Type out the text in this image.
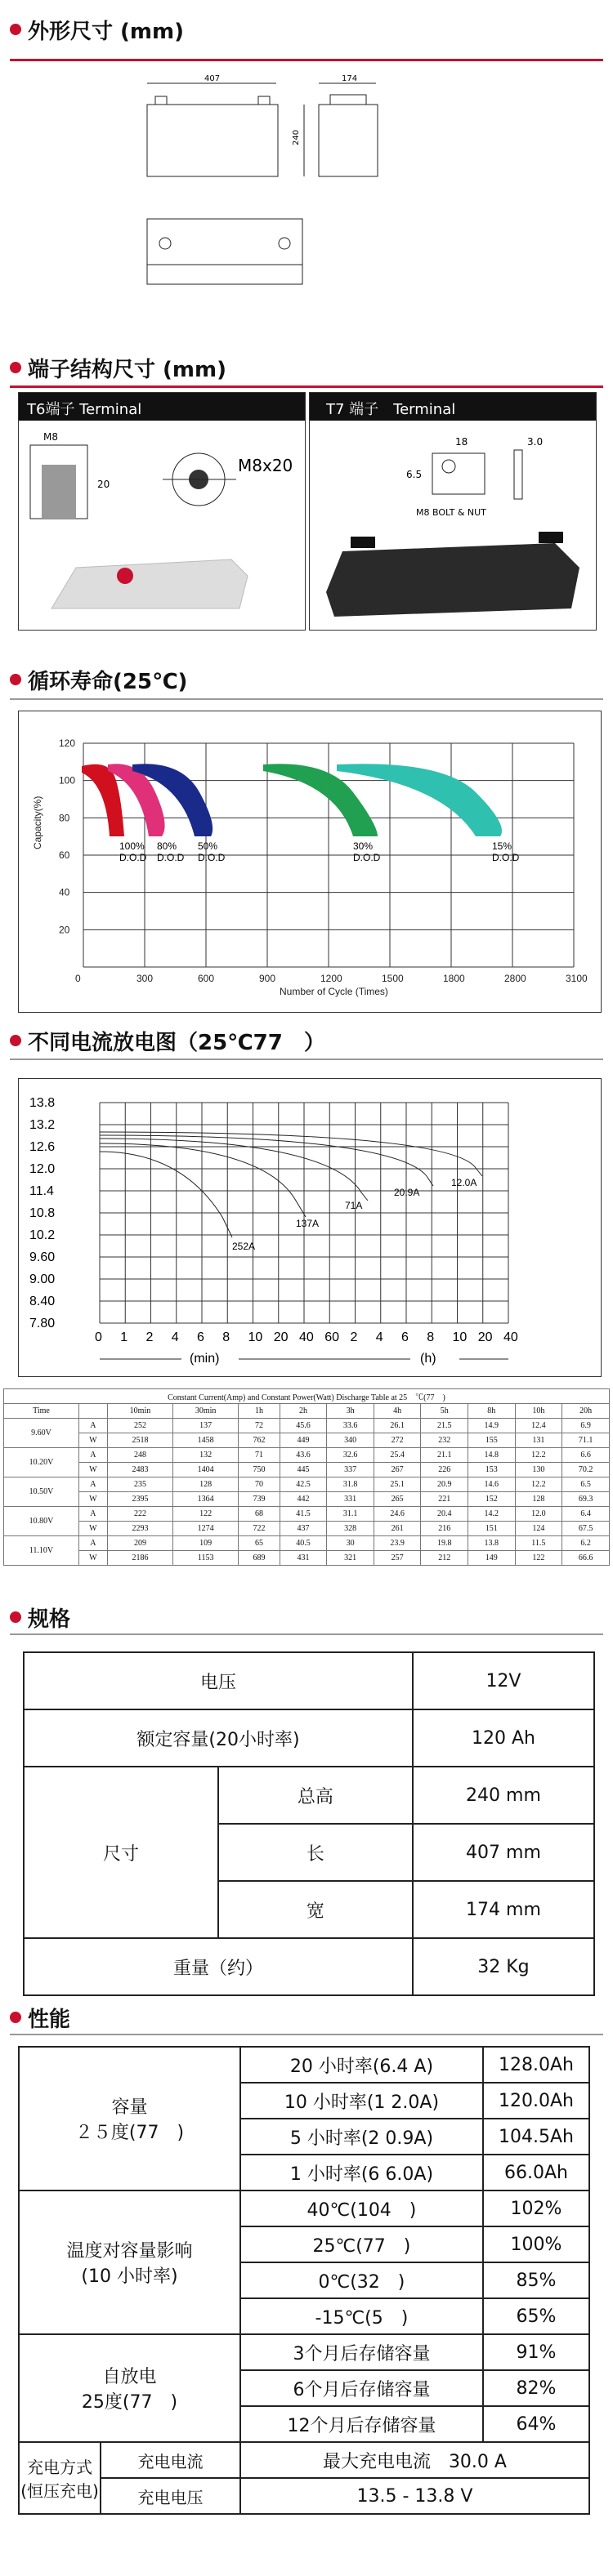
外形尺寸 (mm)
407
240
174
端子结构尺寸 (mm)
T6端子 Terminal
M8
20
M8x20
T7 端子　Terminal
18	3.0
6.5
M8 BOLT & NUT
循环寿命(25℃)
120
100
80
60
40
20
0	300	600	900	1200	1500	1800	2800	3100
Capacity(%)
Number of Cycle (Times)
100%
D.O.D
80%
D.O.D
50%
D.O.D
30%
D.O.D
15%
D.O.D
不同电流放电图（25℃77　）
13.8
13.2
12.6
12.0
11.4
10.8
10.2
9.60
9.00
8.40
7.80
0 1 2 4 6 8 10 20 40 60 2 4 6 8 10 20 40
252A
137A
71A
20.9A
12.0A
(min)	(h)
Constant Current(Amp) and Constant Power(Watt) Discharge Table at 25　℃(77　)											
Time		10min	30min	1h	2h	3h	4h	5h	8h	10h	20h
9.60V	A	252	137	72	45.6	33.6	26.1	21.5	14.9	12.4	6.9
	W	2518	1458	762	449	340	272	232	155	131	71.1
10.20V	A	248	132	71	43.6	32.6	25.4	21.1	14.8	12.2	6.6
	W	2483	1404	750	445	337	267	226	153	130	70.2
10.50V	A	235	128	70	42.5	31.8	25.1	20.9	14.6	12.2	6.5
	W	2395	1364	739	442	331	265	221	152	128	69.3
10.80V	A	222	122	68	41.5	31.1	24.6	20.4	14.2	12.0	6.4
	W	2293	1274	722	437	328	261	216	151	124	67.5
11.10V	A	209	109	65	40.5	30	23.9	19.8	13.8	11.5	6.2
	W	2186	1153	689	431	321	257	212	149	122	66.6
规格
电压		12V
额定容量(20小时率)		120 Ah
尺寸	总高	240 mm
	长	407 mm
	宽	174 mm
重量（约）		32 Kg
性能
容量
２５度(77　)		20 小时率(6.4 A)	128.0Ah
		10 小时率(1 2.0A)	120.0Ah
		5 小时率(2 0.9A)	104.5Ah
		1 小时率(6 6.0A)	66.0Ah
温度对容量影响
(10 小时率)		40℃(104　)	102%
		25℃(77　)	100%
		0℃(32　)	85%
		-15℃(5　)	65%
自放电
25度(77　)		3个月后存储容量	91%
		6个月后存储容量	82%
		12个月后存储容量	64%
充电方式(恒压充电)	充电电流	最大充电电流　30.0 A	
	充电电压	13.5 - 13.8 V	
